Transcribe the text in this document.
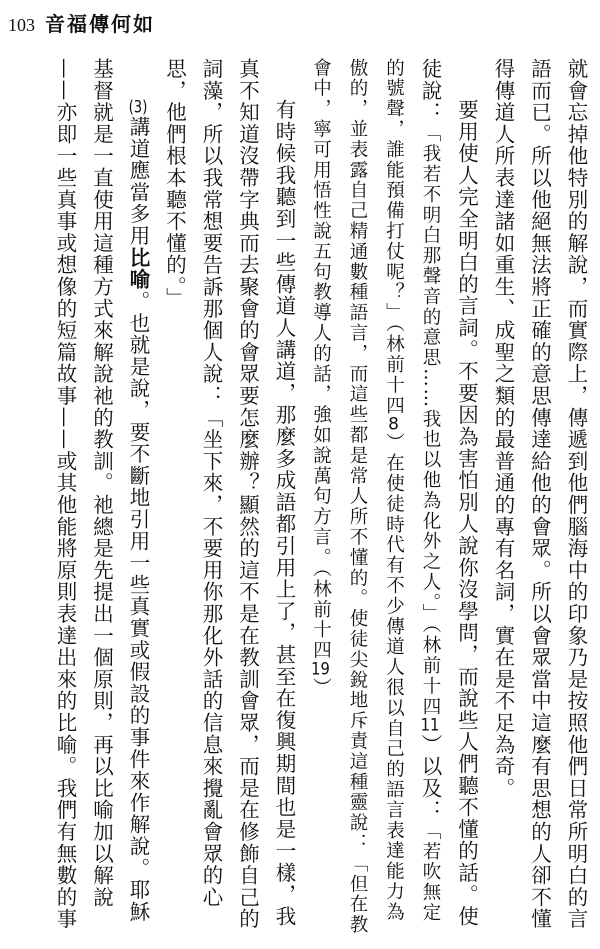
103 音福傳何如

就會忘掉他特別的解說，而實際上，傳遞到他們腦海中的印象乃是按照他們日常所明白的言語而已。所以他絕無法將正確的意思傳達給他的會眾。所以會眾當中這麼有思想的人卻不懂得傳道人所表達諸如重生、成聖之類的最普通的專有名詞，實在是不足為奇。

要用使人完全明白的言詞。不要因為害怕別人說你沒學問，而說些人們聽不懂的話。使徒說：「我若不明白那聲音的意思……我也以他為化外之人。」（林前十四11）以及：「若吹無定的號聲，誰能預備打仗呢？」（林前十四8）在使徒時代有不少傳道人很以自己的語言表達能力為傲的，並表露自己精通數種語言，而這些都是常人所不懂的。使徒尖銳地斥責這種靈說：「但在教會中，寧可用悟性說五句教導人的話，強如說萬句方言。（林前十四19）

有時候我聽到一些傳道人講道，那麼多成語都引用上了，甚至在復興期間也是一樣，我真不知道沒帶字典而去聚會的會眾要怎麼辦？顯然的這不是在教訓會眾，而是在修飾自己的詞藻，所以我常想要告訴那個人說：「坐下來，不要用你那化外話的信息來攪亂會眾的心思，他們根本聽不懂的。」

(3)講道應當多用比喻。也就是說，要不斷地引用一些真實或假設的事件來作解說。耶穌基督就是一直使用這種方式來解說祂的教訓。祂總是先提出一個原則，再以比喻加以解說——亦即一些真事或想像的短篇故事——或其他能將原則表達出來的比喻。我們有無數的事
